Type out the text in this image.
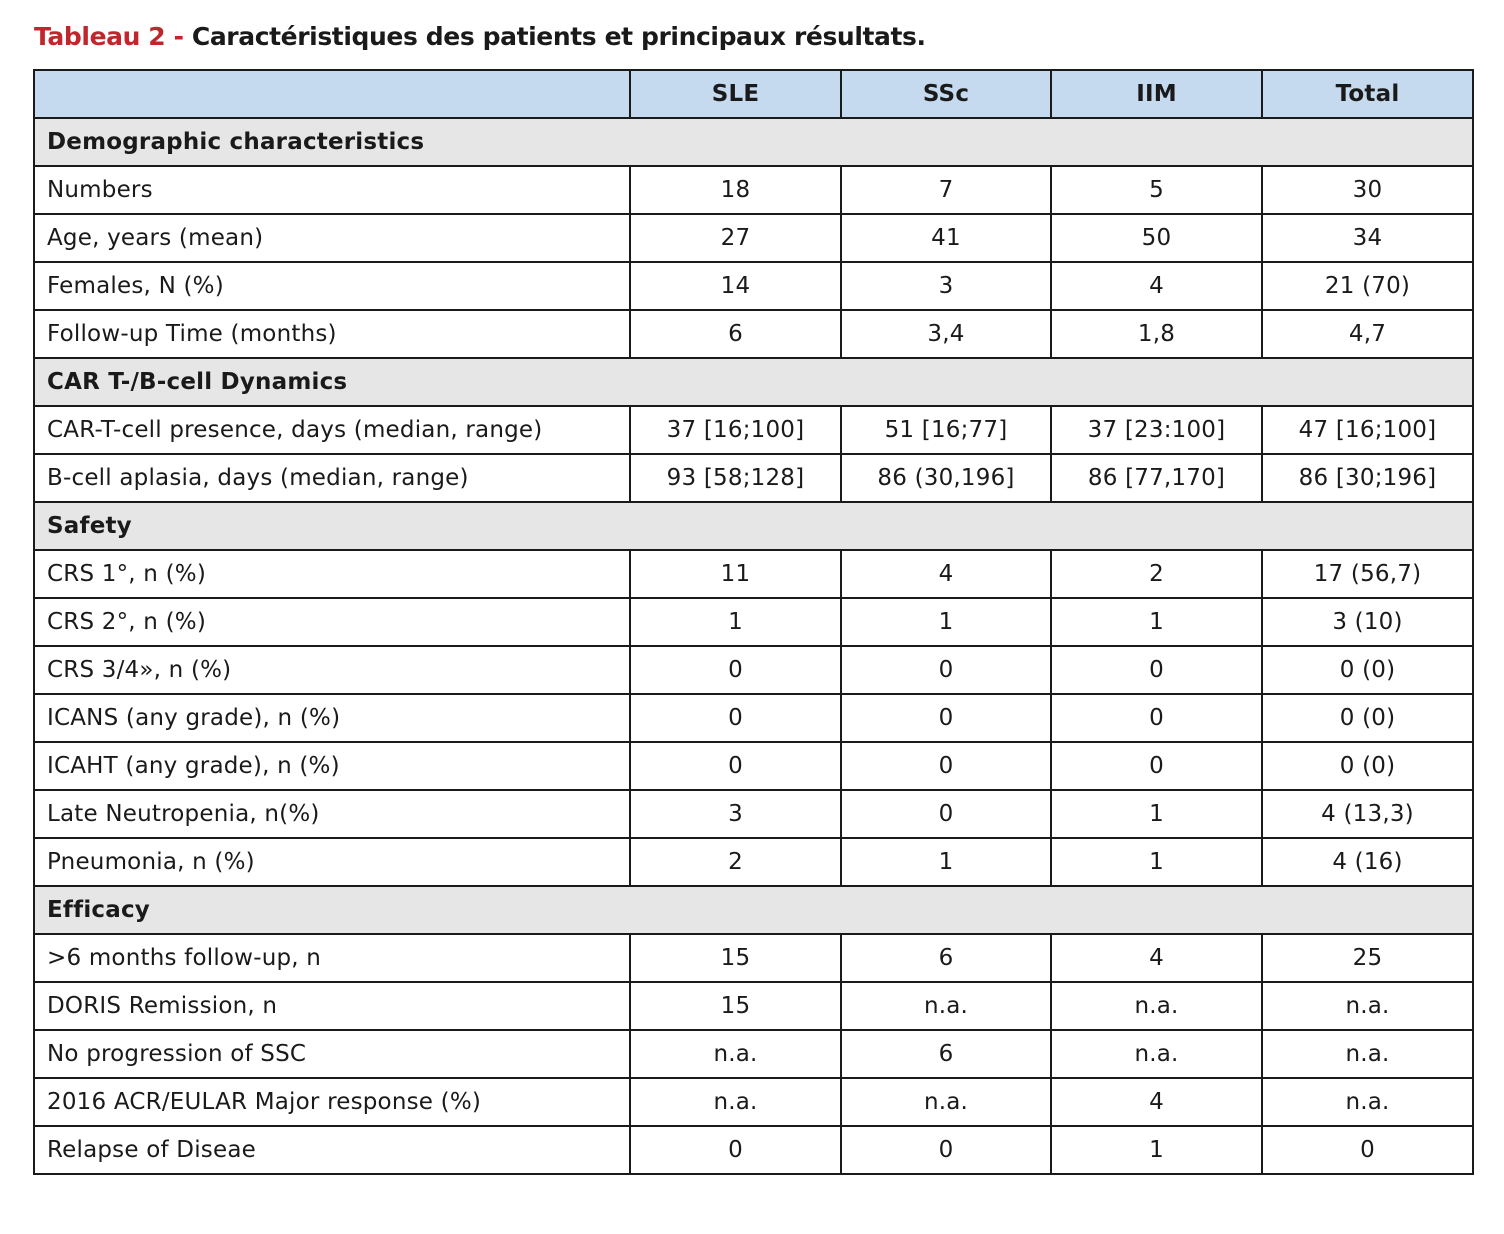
Tableau 2 - Caractéristiques des patients et principaux résultats.
	SLE	SSc	IIM	Total
Demographic characteristics				
Numbers	18	7	5	30
Age, years (mean)	27	41	50	34
Females, N (%)	14	3	4	21 (70)
Follow-up Time (months)	6	3,4	1,8	4,7
CAR T-/B-cell Dynamics				
CAR-T-cell presence, days (median, range)	37 [16;100]	51 [16;77]	37 [23:100]	47 [16;100]
B-cell aplasia, days (median, range)	93 [58;128]	86 (30,196]	86 [77,170]	86 [30;196]
Safety				
CRS 1°, n (%)	11	4	2	17 (56,7)
CRS 2°, n (%)	1	1	1	3 (10)
CRS 3/4», n (%)	0	0	0	0 (0)
ICANS (any grade), n (%)	0	0	0	0 (0)
ICAHT (any grade), n (%)	0	0	0	0 (0)
Late Neutropenia, n(%)	3	0	1	4 (13,3)
Pneumonia, n (%)	2	1	1	4 (16)
Efficacy				
>6 months follow-up, n	15	6	4	25
DORIS Remission, n	15	n.a.	n.a.	n.a.
No progression of SSC	n.a.	6	n.a.	n.a.
2016 ACR/EULAR Major response (%)	n.a.	n.a.	4	n.a.
Relapse of Diseae	0	0	1	0
